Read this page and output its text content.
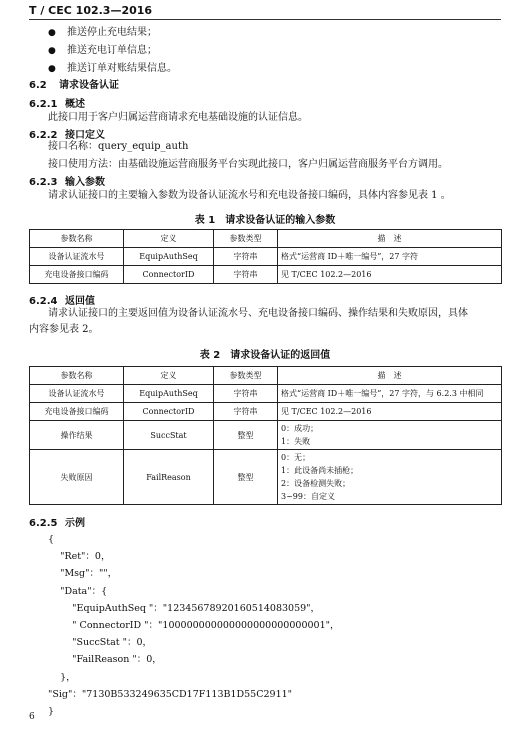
T / CEC 102.3—2016
● 推送停止充电结果；
● 推送充电订单信息；
● 推送订单对账结果信息。
6.2 请求设备认证
6.2.1 概述

此接口用于客户归属运营商请求充电基础设施的认证信息。

6.2.2 接口定义

接口名称：query_equip_auth

接口使用方法：由基础设施运营商服务平台实现此接口，客户归属运营商服务平台方调用。

6.2.3 输入参数

请求认证接口的主要输入参数为设备认证流水号和充电设备接口编码，具体内容参见表 1 。

表 1　请求设备认证的输入参数
参数名称	定义	参数类型	描　述
设备认证流水号	EquipAuthSeq	字符串	格式“运营商 ID＋唯一编号”，27 字符
充电设备接口编码	ConnectorID	字符串	见 T/CEC 102.2—2016
6.2.4 返回值

请求认证接口的主要返回值为设备认证流水号、充电设备接口编码、操作结果和失败原因，具体

内容参见表 2。

表 2　请求设备认证的返回值
参数名称	定义	参数类型	描　述
设备认证流水号	EquipAuthSeq	字符串	格式“运营商 ID＋唯一编号”，27 字符，与 6.2.3 中相同
充电设备接口编码	ConnectorID	字符串	见 T/CEC 102.2—2016
操作结果	SuccStat	整型	0：成功；
1：失败

失败原因	FailReason	整型	0：无；
1：此设备尚未插枪；
2：设备检测失败；
3~99：自定义
6.2.5 示例
{
"Ret"：0，
"Msg"：""，
"Data"：{
"EquipAuthSeq "："12345678920160514083059"，
" ConnectorID "："100000000000000000000000001"，
"SuccStat "：0，
"FailReason "：0，
}，
"Sig"："7130B533249635CD17F113B1D55C2911"
}
6
